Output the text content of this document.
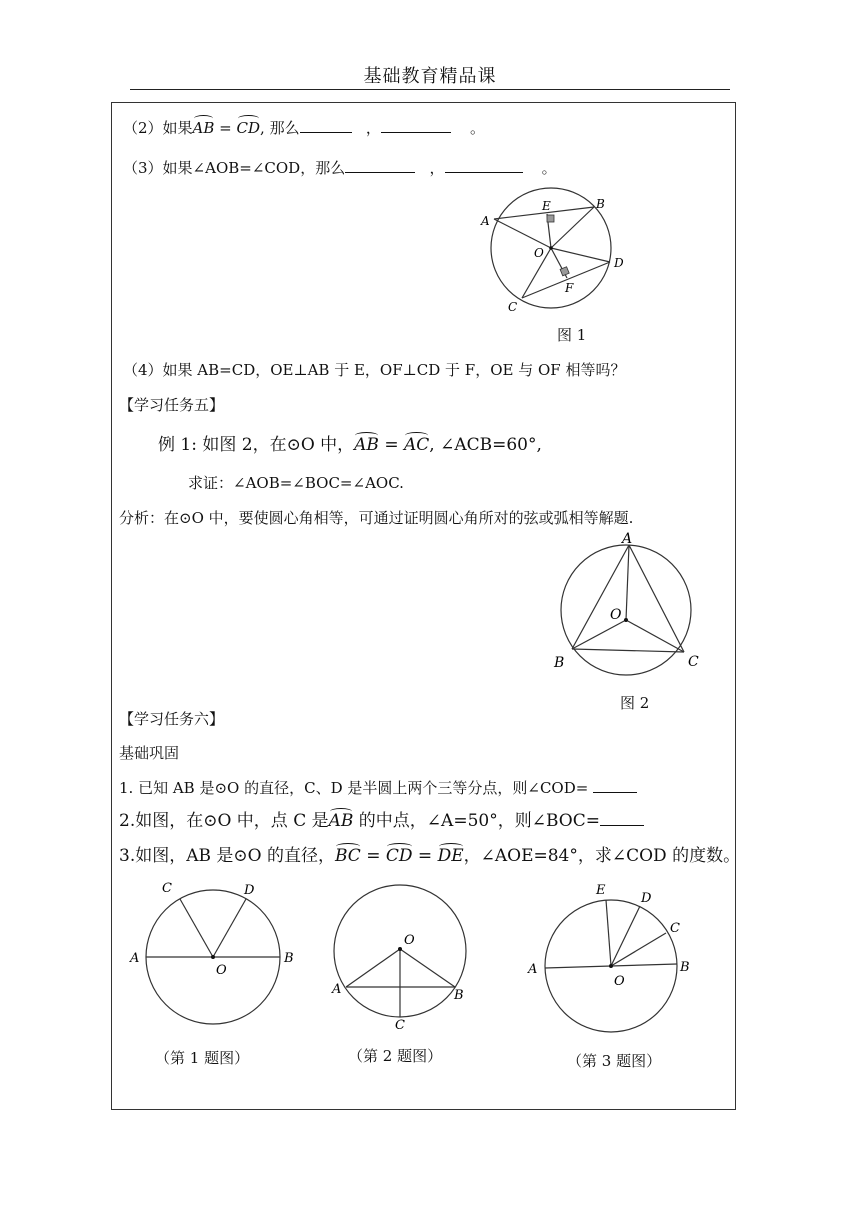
基础教育精品课
（2）如果AB = CD, 那么	，	。
（3）如果∠AOB=∠COD，那么	，	。
A
B
C
D
E
F
O
图 1
（4）如果 AB=CD，OE⊥AB 于 E，OF⊥CD 于 F，OE 与 OF 相等吗？
【学习任务五】
例 1: 如图 2，在⊙O 中，AB = AC, ∠ACB=60°,
求证：∠AOB=∠BOC=∠AOC.
分析：在⊙O 中，要使圆心角相等，可通过证明圆心角所对的弦或弧相等解题.
A
B	C
O
图 2
【学习任务六】
基础巩固
1. 已知 AB 是⊙O 的直径，C、D 是半圆上两个三等分点，则∠COD=
2.如图，在⊙O 中，点 C 是AB 的中点，∠A=50°，则∠BOC=
3.如图，AB 是⊙O 的直径，BC = CD = DE，∠AOE=84°，求∠COD 的度数。
A	B
C	D
O
（第 1 题图）
A	B
C
O
（第 2 题图）
A	B
C
D
E
O
（第 3 题图）
